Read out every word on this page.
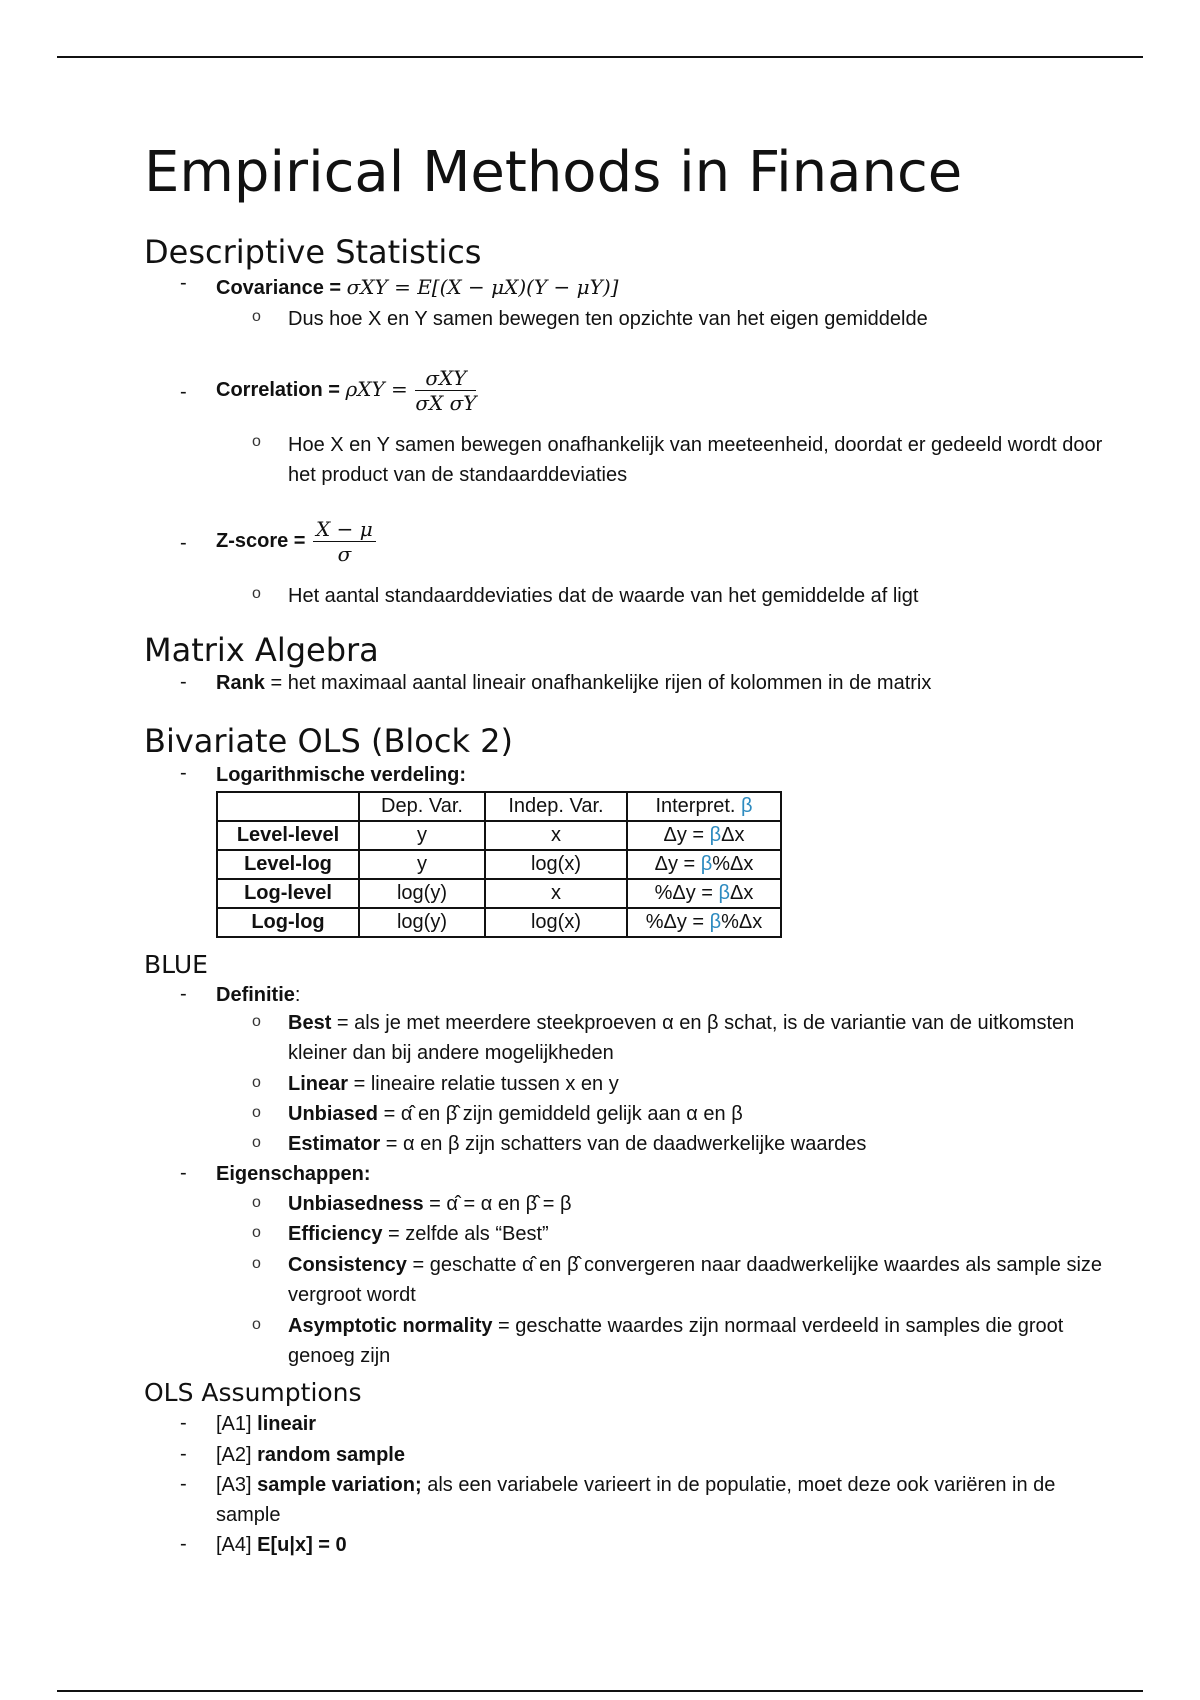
Empirical Methods in Finance
Descriptive Statistics
- Covariance = σXY = E[(X − μX)(Y − μY)]
o Dus hoe X en Y samen bewegen ten opzichte van het eigen gemiddelde
- Correlation = $\rho XY = \frac{\text{σXY}}{\text{σX σY}}$
o Hoe X en Y samen bewegen onafhankelijk van meeteenheid, doordat er gedeeld wordt door het product van de standaarddeviaties
- Z-score = $\frac{X - \mu}{\sigma}$
o Het aantal standaarddeviaties dat de waarde van het gemiddelde af ligt
Matrix Algebra
- Rank = het maximaal aantal lineair onafhankelijke rijen of kolommen in de matrix
Bivariate OLS (Block 2)
- Logarithmische verdeling:
	Dep. Var.	Indep. Var.	Interpret. β
Level-level	y	x	Δy = βΔx
Level-log	y	log(x)	Δy = β%Δx
Log-level	log(y)	x	%Δy = βΔx
Log-log	log(y)	log(x)	%Δy = β%Δx
BLUE
- Definitie:
o Best = als je met meerdere steekproeven α en β schat, is de variantie van de uitkomsten kleiner dan bij andere mogelijkheden
o Linear = lineaire relatie tussen x en y
o Unbiased = α̂ en β̂ zijn gemiddeld gelijk aan α en β
o Estimator = α en β zijn schatters van de daadwerkelijke waardes
- Eigenschappen:
o Unbiasedness = α̂ = α en β̂ = β
o Efficiency = zelfde als “Best”
o Consistency = geschatte α̂ en β̂ convergeren naar daadwerkelijke waardes als sample size vergroot wordt
o Asymptotic normality = geschatte waardes zijn normaal verdeeld in samples die groot genoeg zijn
OLS Assumptions
- [A1] lineair
- [A2] random sample
- [A3] sample variation; als een variabele varieert in de populatie, moet deze ook variëren in de sample
- [A4] E[u|x] = 0
